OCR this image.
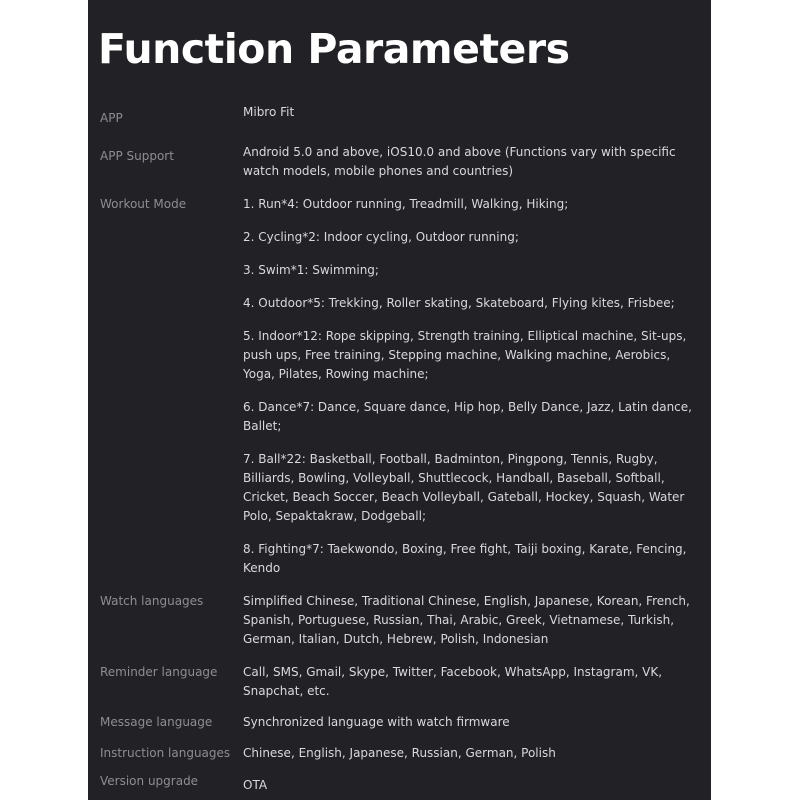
Function Parameters
APP	Mibro Fit
APP Support	Android 5.0 and above, iOS10.0 and above (Functions vary with specific watch models, mobile phones and countries)
Workout Mode	1. Run*4: Outdoor running, Treadmill, Walking, Hiking;

2. Cycling*2: Indoor cycling, Outdoor running;

3. Swim*1: Swimming;

4. Outdoor*5: Trekking, Roller skating, Skateboard, Flying kites, Frisbee;

5. Indoor*12: Rope skipping, Strength training, Elliptical machine, Sit-ups, push ups, Free training, Stepping machine, Walking machine, Aerobics, Yoga, Pilates, Rowing machine;

6. Dance*7: Dance, Square dance, Hip hop, Belly Dance, Jazz, Latin dance, Ballet;

7. Ball*22: Basketball, Football, Badminton, Pingpong, Tennis, Rugby, Billiards, Bowling, Volleyball, Shuttlecock, Handball, Baseball, Softball, Cricket, Beach Soccer, Beach Volleyball, Gateball, Hockey, Squash, Water Polo, Sepaktakraw, Dodgeball;

8. Fighting*7: Taekwondo, Boxing, Free fight, Taiji boxing, Karate, Fencing, Kendo

Watch languages	Simplified Chinese, Traditional Chinese, English, Japanese, Korean, French, Spanish, Portuguese, Russian, Thai, Arabic, Greek, Vietnamese, Turkish, German, Italian, Dutch, Hebrew, Polish, Indonesian
Reminder language	Call, SMS, Gmail, Skype, Twitter, Facebook, WhatsApp, Instagram, VK, Snapchat, etc.
Message language	Synchronized language with watch firmware
Instruction languages	Chinese, English, Japanese, Russian, German, Polish
Version upgrade	OTA
